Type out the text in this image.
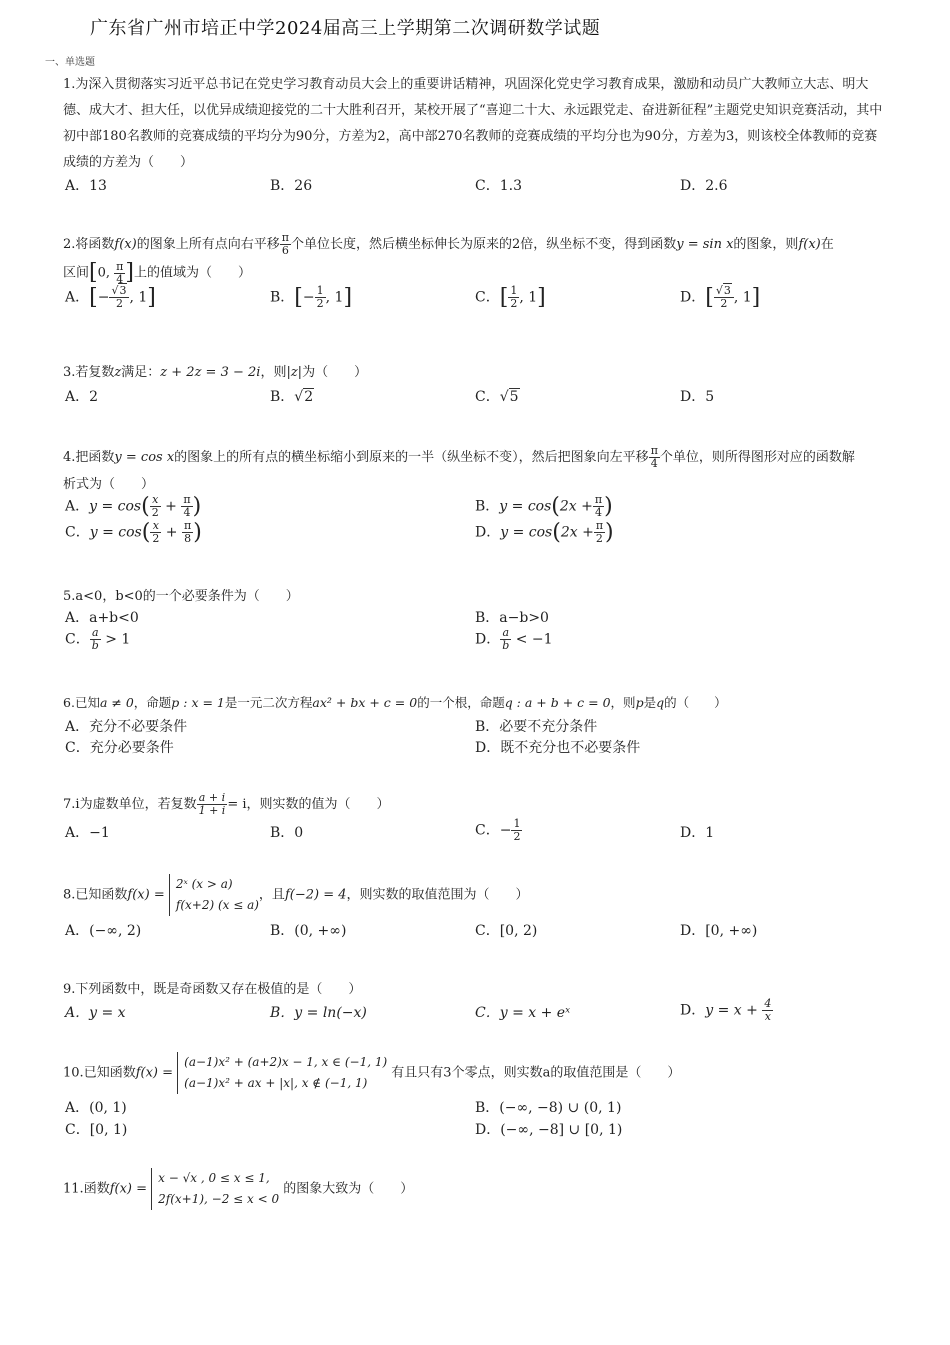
广东省广州市培正中学2024届高三上学期第二次调研数学试题
一、单选题
1.为深入贯彻落实习近平总书记在党史学习教育动员大会上的重要讲话精神，巩固深化党史学习教育成果，激励和动员广大教师立大志、明大德、成大才、担大任，以优异成绩迎接党的二十大胜利召开，某校开展了“喜迎二十大、永远跟党走、奋进新征程”主题党史知识竞赛活动，其中初中部180名教师的竞赛成绩的平均分为90分，方差为2，高中部270名教师的竞赛成绩的平均分也为90分，方差为3，则该校全体教师的竞赛成绩的方差为（　　）
A．13	B．26	C．1.3	D．2.6
2.将函数f(x)的图象上所有点向右平移 $\frac{\pi}{6}$ 个单位长度，然后横坐标伸长为原来的2倍，纵坐标不变，得到函数y = sin x的图象，则f(x)在
区间[0, $\frac{\pi}{4}$ ]上的值域为（　　）
A．[− $\frac{√3}{2}$ , 1]	B．[− $\frac{1}{2}$ , 1]	C．[ $\frac{1}{2}$ , 1]	D．[ $\frac{√3}{2}$ , 1]
3.若复数z满足：z + 2z = 3 − 2i，则|z|为（　　）
A．2	B．√2	C．√5	D．5
4.把函数y = cos x的图象上的所有点的横坐标缩小到原来的一半（纵坐标不变），然后把图象向左平移 $\frac{\pi}{4}$ 个单位，则所得图形对应的函数解
析式为（　　）
A．$y = \cos( \frac{x}{2} + \frac{\pi}{4}$ )	B．$y = \cos(2x + \frac{\pi}{4}$ )
C．$y = \cos( \frac{x}{2} + \frac{\pi}{8}$ )	D．$y = \cos(2x + \frac{\pi}{2}$ )
5.a<0，b<0的一个必要条件为（　　）
A．a+b<0	B．a−b>0
C． $\frac{a}{b} > 1$	D． $\frac{a}{b} < -1$
6.已知a ≠ 0，命题p : x = 1是一元二次方程ax² + bx + c = 0的一个根，命题q : a + b + c = 0，则p是q的（　　）
A．充分不必要条件	B．必要不充分条件
C．充分必要条件	D．既不充分也不必要条件
7.i为虚数单位，若复数 $\frac{a + i}{1 + i} = i$，则实数的值为（　　）
A．−1	B．0	C．− $\frac{1}{2}$	D．1
8.已知函数f(x) = 2ˣ (x > a)
f(x+2) (x ≤ a)，且f(−2) = 4，则实数的取值范围为（　　）
A．(−∞, 2)	B．(0, +∞)	C．[0, 2)	D．[0, +∞)
9.下列函数中，既是奇函数又存在极值的是（　　）
A．y = x	B．y = ln(−x)	C．y = x + eˣ	D．$y = x + \frac{4}{x}$
10.已知函数f(x) = (a−1)x² + (a+2)x − 1, x ∈ (−1, 1)
(a−1)x² + ax + |x|, x ∉ (−1, 1) 有且只有3个零点，则实数a的取值范围是（　　）
A．(0, 1)	B．(−∞, −8) ∪ (0, 1)
C．[0, 1)	D．(−∞, −8] ∪ [0, 1)
11.函数f(x) = x − √x , 0 ≤ x ≤ 1,
2f(x+1), −2 ≤ x < 0 的图象大致为（　　）
